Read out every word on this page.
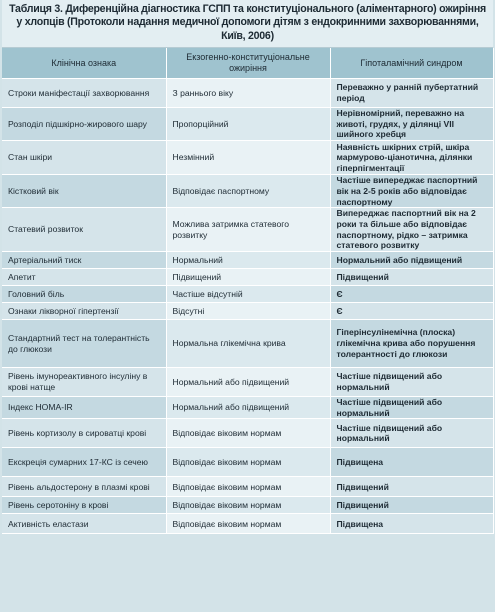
Таблиця 3. Диференційна діагностика ГСПП та конституціонального (аліментарного) ожиріння у хлопців (Протоколи надання медичної допомоги дітям з ендокринними захворюваннями, Київ, 2006)
Клінічна ознака	Екзогенно-конституціональне ожиріння	Гіпоталамічний синдром
Строки маніфестації захворювання	З раннього віку	Переважно у ранній пубертатний період
Розподіл підшкірно-жирового шару	Пропорційний	Нерівномірний, переважно на животі, грудях, у ділянці VII шийного хребця
Стан шкіри	Незмінний	Наявність шкірних стрій, шкіра мармурово-ціанотична, ділянки гіперпігментації
Кістковий вік	Відповідає паспортному	Частіше випереджає паспортний вік на 2-5 років або відповідає паспортному
Статевий розвиток	Можлива затримка статевого розвитку	Випереджає паспортний вік на 2 роки та більше або відповідає паспортному, рідко – затримка статевого розвитку
Артеріальний тиск	Нормальний	Нормальний або підвищений
Апетит	Підвищений	Підвищений
Головний біль	Частіше відсутній	Є
Ознаки лікворної гіпертензії	Відсутні	Є
Стандартний тест на толерантність до глюкози	Нормальна глікемічна крива	Гіперінсулінемічна (плоска) глікемічна крива або порушення толерантності до глюкози
Рівень імунореактивного інсуліну в крові натще	Нормальний або підвищений	Частіше підвищений або нормальний
Індекс HOMA-IR	Нормальний або підвищений	Частіше підвищений або нормальний
Рівень кортизолу в сироватці крові	Відповідає віковим нормам	Частіше підвищений або нормальний
Екскреція сумарних 17-КС із сечею	Відповідає віковим нормам	Підвищена
Рівень альдостерону в плазмі крові	Відповідає віковим нормам	Підвищений
Рівень серотоніну в крові	Відповідає віковим нормам	Підвищений
Активність еластази	Відповідає віковим нормам	Підвищена
